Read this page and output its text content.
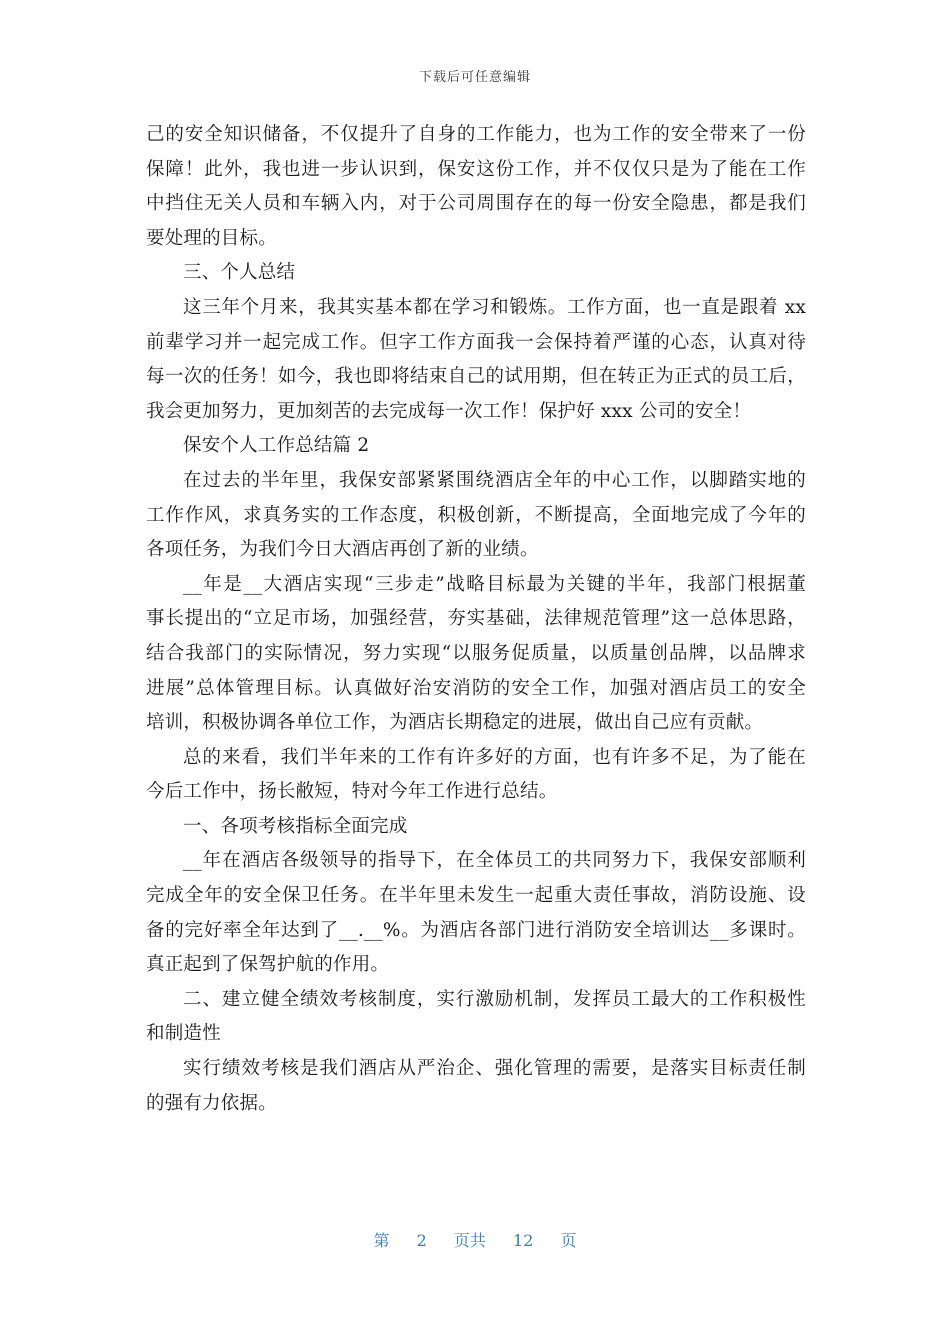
下载后可任意编辑
己的安全知识储备，不仅提升了自身的工作能力，也为工作的安全带来了一份
保障！此外，我也进一步认识到，保安这份工作，并不仅仅只是为了能在工作
中挡住无关人员和车辆入内，对于公司周围存在的每一份安全隐患，都是我们
要处理的目标。
三、个人总结
这三年个月来，我其实基本都在学习和锻炼。工作方面，也一直是跟着 xx
前辈学习并一起完成工作。但字工作方面我一会保持着严谨的心态，认真对待
每一次的任务！如今，我也即将结束自己的试用期，但在转正为正式的员工后，
我会更加努力，更加刻苦的去完成每一次工作！保护好 xxx 公司的安全！
保安个人工作总结篇 2
在过去的半年里，我保安部紧紧围绕酒店全年的中心工作，以脚踏实地的
工作作风，求真务实的工作态度，积极创新，不断提高，全面地完成了今年的
各项任务，为我们今日大酒店再创了新的业绩。
__年是__大酒店实现“三步走”战略目标最为关键的半年，我部门根据董
事长提出的“立足市场，加强经营，夯实基础，法律规范管理”这一总体思路，
结合我部门的实际情况，努力实现“以服务促质量，以质量创品牌，以品牌求
进展”总体管理目标。认真做好治安消防的安全工作，加强对酒店员工的安全
培训，积极协调各单位工作，为酒店长期稳定的进展，做出自己应有贡献。
总的来看，我们半年来的工作有许多好的方面，也有许多不足，为了能在
今后工作中，扬长敝短，特对今年工作进行总结。
一、各项考核指标全面完成
__年在酒店各级领导的指导下，在全体员工的共同努力下，我保安部顺利
完成全年的安全保卫任务。在半年里未发生一起重大责任事故，消防设施、设
备的完好率全年达到了__.__%。为酒店各部门进行消防安全培训达__多课时。
真正起到了保驾护航的作用。
二、建立健全绩效考核制度，实行激励机制，发挥员工最大的工作积极性
和制造性
实行绩效考核是我们酒店从严治企、强化管理的需要，是落实目标责任制
的强有力依据。
第 2 页共 12 页
